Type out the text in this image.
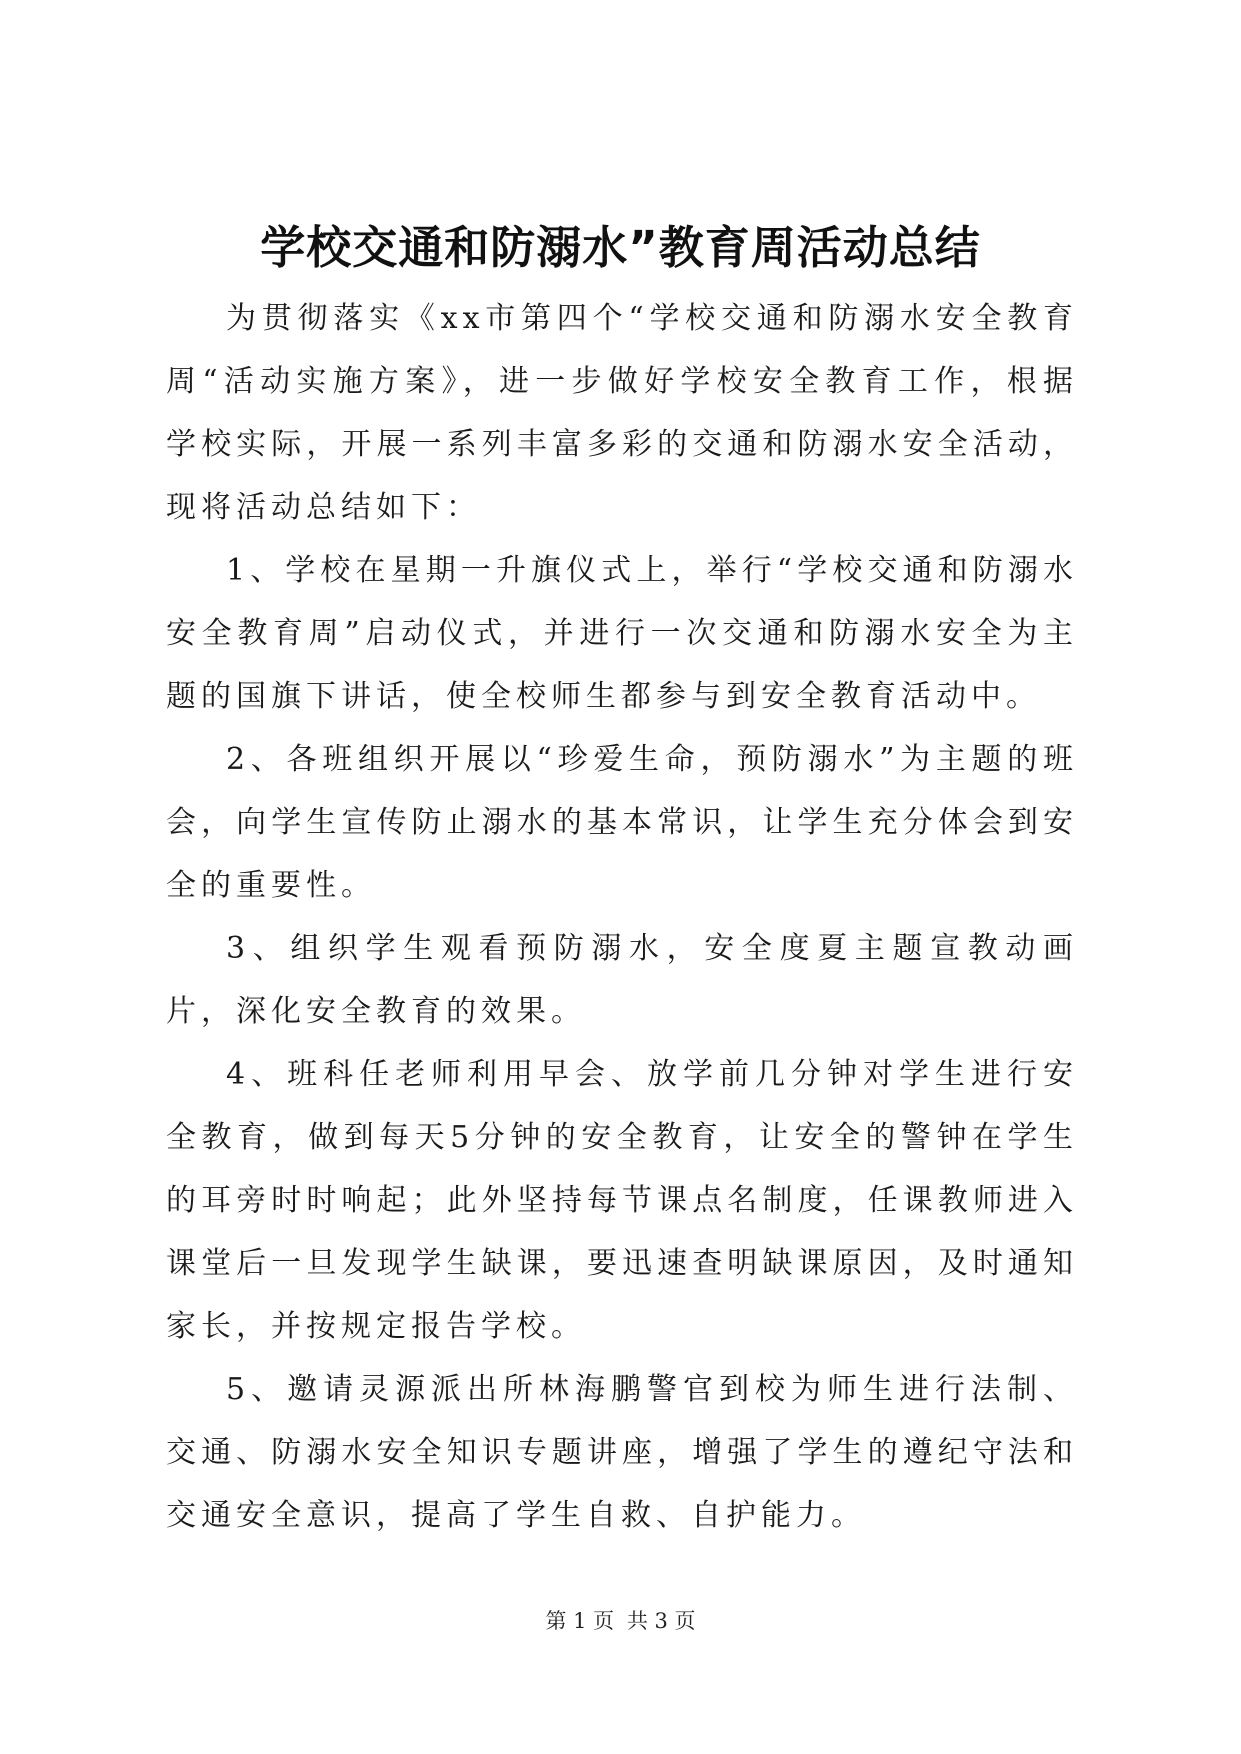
学校交通和防溺水”教育周活动总结

为贯彻落实《xx市第四个“学校交通和防溺水安全教育周“活动实施方案》，进一步做好学校安全教育工作，根据学校实际，开展一系列丰富多彩的交通和防溺水安全活动，现将活动总结如下：

1、学校在星期一升旗仪式上，举行“学校交通和防溺水安全教育周”启动仪式，并进行一次交通和防溺水安全为主题的国旗下讲话，使全校师生都参与到安全教育活动中。

2、各班组织开展以“珍爱生命，预防溺水”为主题的班会，向学生宣传防止溺水的基本常识，让学生充分体会到安全的重要性。

3、组织学生观看预防溺水，安全度夏主题宣教动画片，深化安全教育的效果。

4、班科任老师利用早会、放学前几分钟对学生进行安全教育，做到每天5分钟的安全教育，让安全的警钟在学生的耳旁时时响起；此外坚持每节课点名制度，任课教师进入课堂后一旦发现学生缺课，要迅速查明缺课原因，及时通知家长，并按规定报告学校。

5、邀请灵源派出所林海鹏警官到校为师生进行法制、交通、防溺水安全知识专题讲座，增强了学生的遵纪守法和交通安全意识，提高了学生自救、自护能力。

第 1 页 共 3 页
